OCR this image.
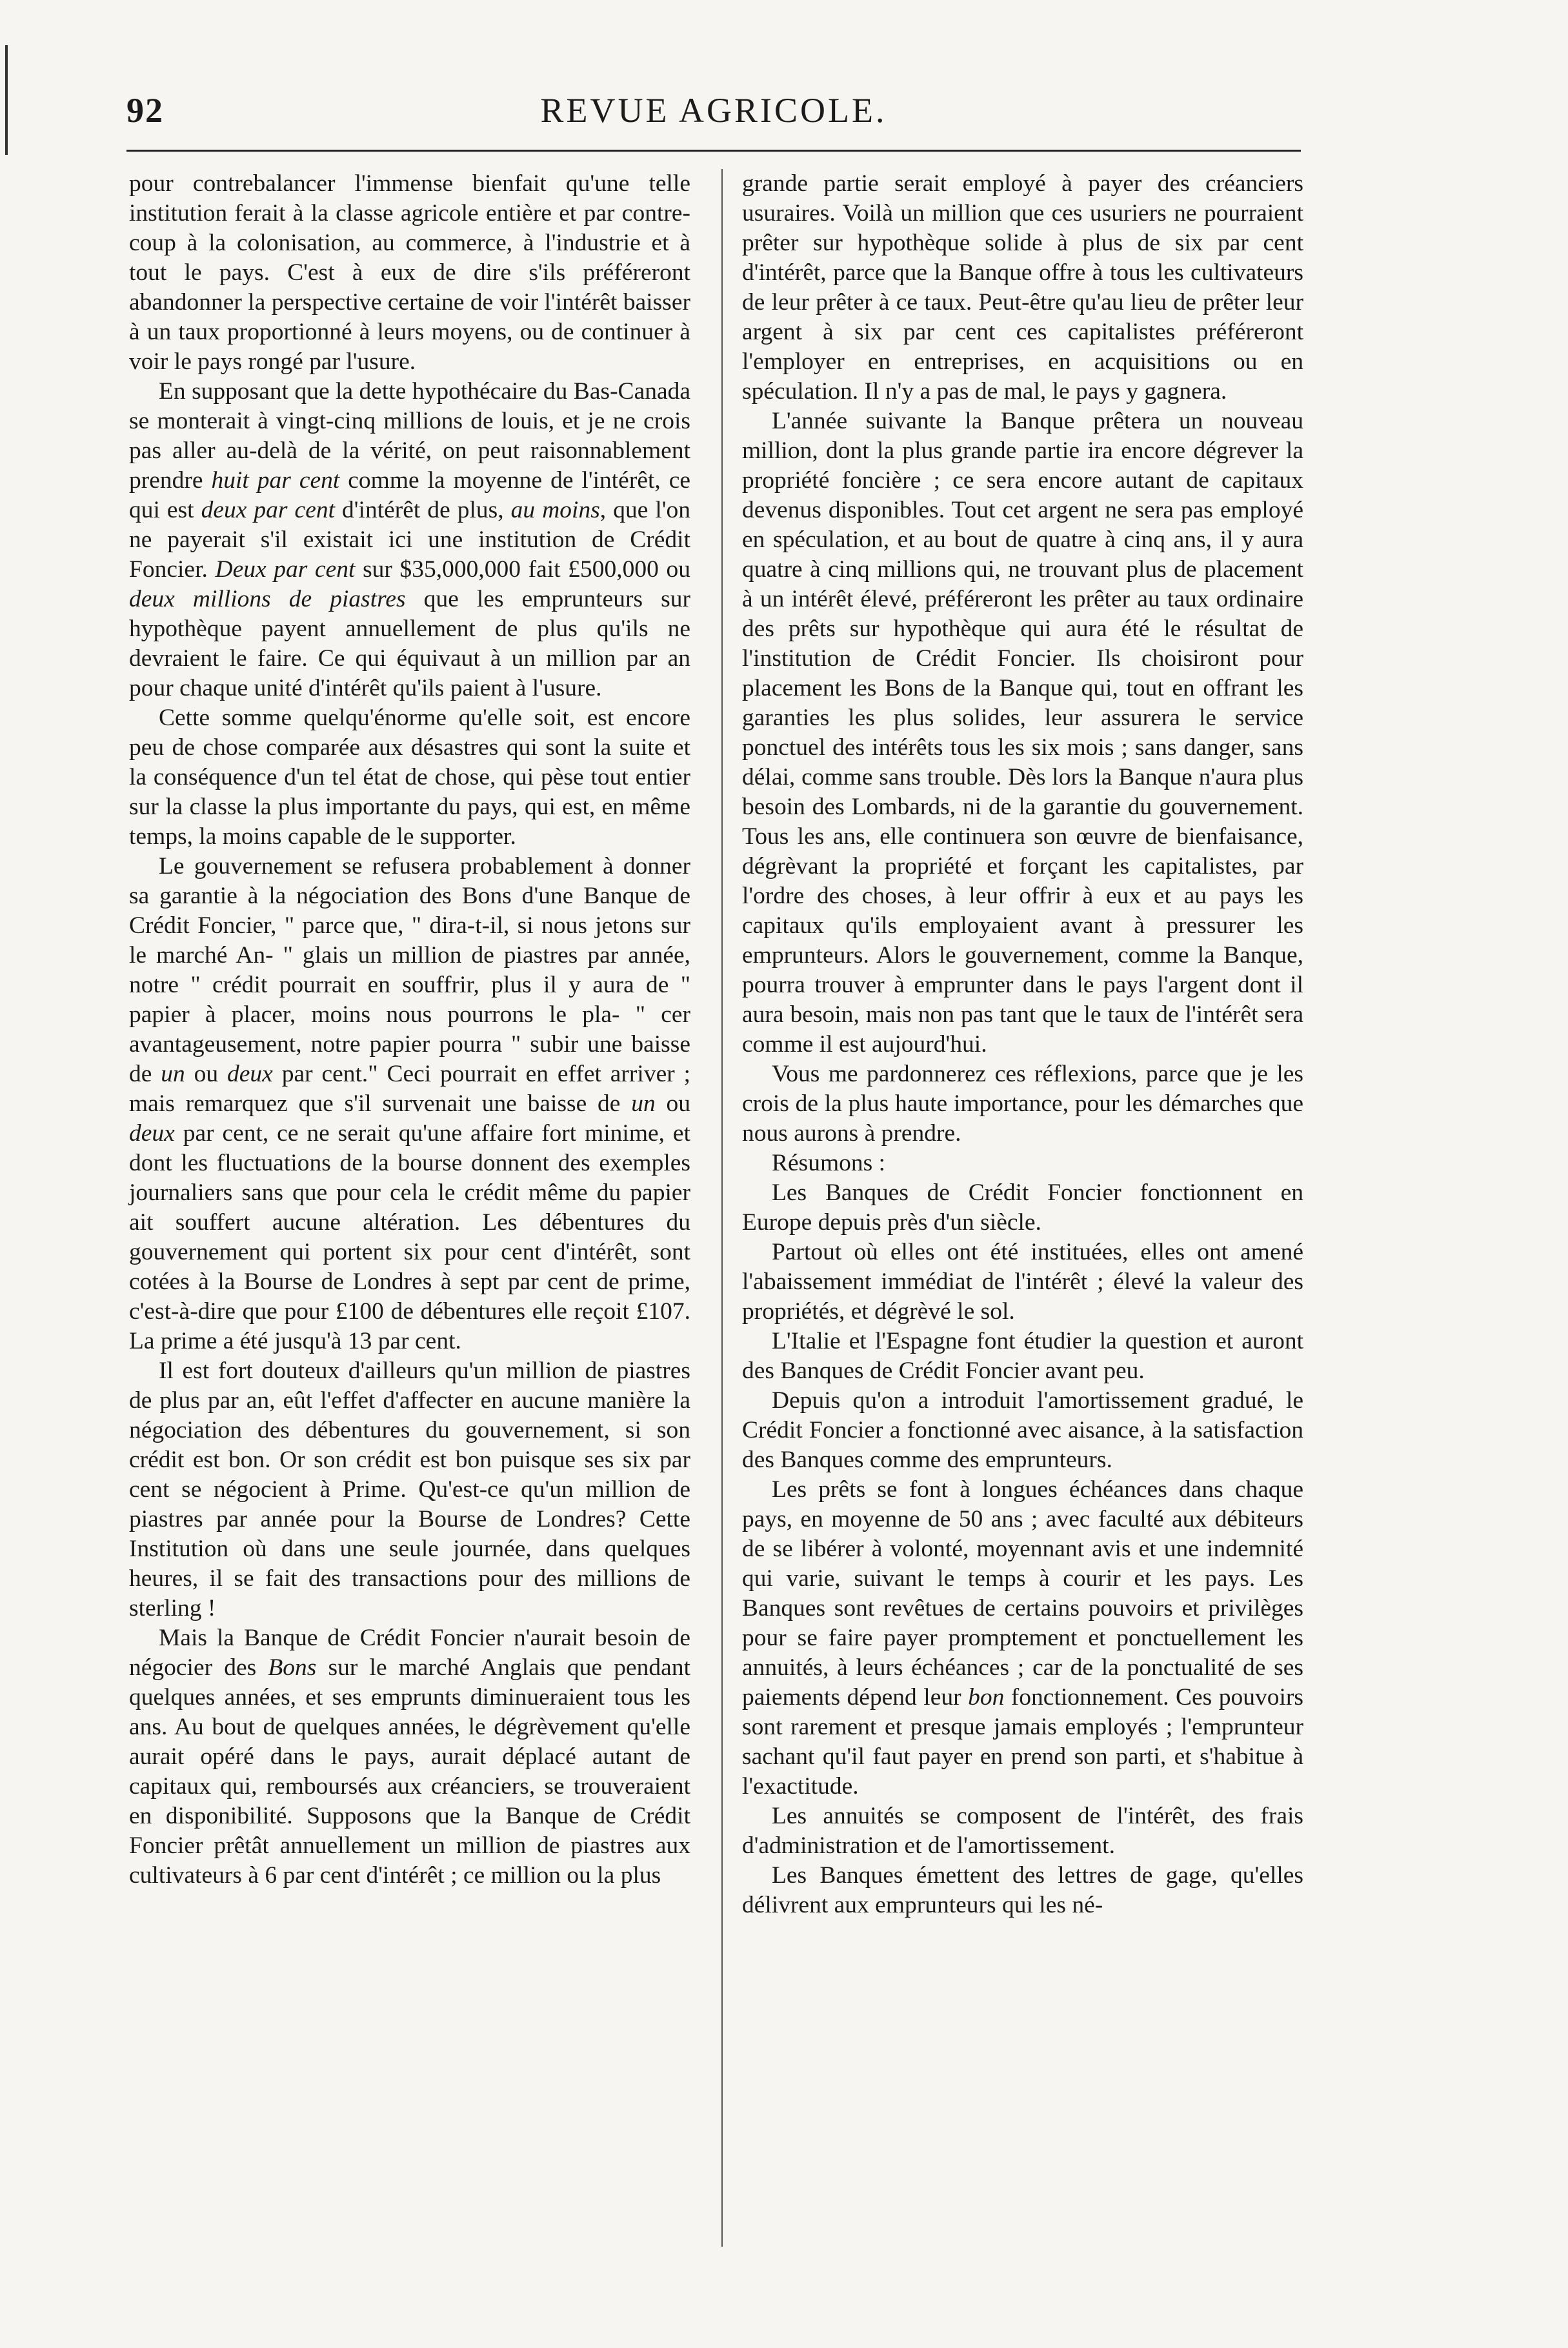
REVUE AGRICOLE.
92

pour contrebalancer l'immense bienfait qu'une telle institution ferait à la classe agricole entière et par contre-coup à la colonisation, au commerce, à l'industrie et à tout le pays. C'est à eux de dire s'ils préféreront abandonner la perspective certaine de voir l'intérêt baisser à un taux proportionné à leurs moyens, ou de continuer à voir le pays rongé par l'usure.

En supposant que la dette hypothécaire du Bas-Canada se monterait à vingt-cinq millions de louis, et je ne crois pas aller au-delà de la vérité, on peut raisonnablement prendre huit par cent comme la moyenne de l'intérêt, ce qui est deux par cent d'intérêt de plus, au moins, que l'on ne payerait s'il existait ici une institution de Crédit Foncier. Deux par cent sur $35,000,000 fait £500,000 ou deux millions de piastres que les emprunteurs sur hypothèque payent annuellement de plus qu'ils ne devraient le faire. Ce qui équivaut à un million par an pour chaque unité d'intérêt qu'ils paient à l'usure.

Cette somme quelqu'énorme qu'elle soit, est encore peu de chose comparée aux désastres qui sont la suite et la conséquence d'un tel état de chose, qui pèse tout entier sur la classe la plus importante du pays, qui est, en même temps, la moins capable de le supporter.

Le gouvernement se refusera probablement à donner sa garantie à la négociation des Bons d'une Banque de Crédit Foncier, " parce que, " dira-t-il, si nous jetons sur le marché An- " glais un million de piastres par année, notre " crédit pourrait en souffrir, plus il y aura de " papier à placer, moins nous pourrons le pla- " cer avantageusement, notre papier pourra " subir une baisse de un ou deux par cent." Ceci pourrait en effet arriver ; mais remarquez que s'il survenait une baisse de un ou deux par cent, ce ne serait qu'une affaire fort minime, et dont les fluctuations de la bourse donnent des exemples journaliers sans que pour cela le crédit même du papier ait souffert aucune altération. Les débentures du gouvernement qui portent six pour cent d'intérêt, sont cotées à la Bourse de Londres à sept par cent de prime, c'est-à-dire que pour £100 de débentures elle reçoit £107. La prime a été jusqu'à 13 par cent.

Il est fort douteux d'ailleurs qu'un million de piastres de plus par an, eût l'effet d'affecter en aucune manière la négociation des débentures du gouvernement, si son crédit est bon. Or son crédit est bon puisque ses six par cent se négocient à Prime. Qu'est-ce qu'un million de piastres par année pour la Bourse de Londres? Cette Institution où dans une seule journée, dans quelques heures, il se fait des transactions pour des millions de sterling !

Mais la Banque de Crédit Foncier n'aurait besoin de négocier des Bons sur le marché Anglais que pendant quelques années, et ses emprunts diminueraient tous les ans. Au bout de quelques années, le dégrèvement qu'elle aurait opéré dans le pays, aurait déplacé autant de capitaux qui, remboursés aux créanciers, se trouveraient en disponibilité. Supposons que la Banque de Crédit Foncier prêtât annuellement un million de piastres aux cultivateurs à 6 par cent d'intérêt ; ce million ou la plus

grande partie serait employé à payer des créanciers usuraires. Voilà un million que ces usuriers ne pourraient prêter sur hypothèque solide à plus de six par cent d'intérêt, parce que la Banque offre à tous les cultivateurs de leur prêter à ce taux. Peut-être qu'au lieu de prêter leur argent à six par cent ces capitalistes préféreront l'employer en entreprises, en acquisitions ou en spéculation. Il n'y a pas de mal, le pays y gagnera.

L'année suivante la Banque prêtera un nouveau million, dont la plus grande partie ira encore dégrever la propriété foncière ; ce sera encore autant de capitaux devenus disponibles. Tout cet argent ne sera pas employé en spéculation, et au bout de quatre à cinq ans, il y aura quatre à cinq millions qui, ne trouvant plus de placement à un intérêt élevé, préféreront les prêter au taux ordinaire des prêts sur hypothèque qui aura été le résultat de l'institution de Crédit Foncier. Ils choisiront pour placement les Bons de la Banque qui, tout en offrant les garanties les plus solides, leur assurera le service ponctuel des intérêts tous les six mois ; sans danger, sans délai, comme sans trouble. Dès lors la Banque n'aura plus besoin des Lombards, ni de la garantie du gouvernement. Tous les ans, elle continuera son œuvre de bienfaisance, dégrèvant la propriété et forçant les capitalistes, par l'ordre des choses, à leur offrir à eux et au pays les capitaux qu'ils employaient avant à pressurer les emprunteurs. Alors le gouvernement, comme la Banque, pourra trouver à emprunter dans le pays l'argent dont il aura besoin, mais non pas tant que le taux de l'intérêt sera comme il est aujourd'hui.

Vous me pardonnerez ces réflexions, parce que je les crois de la plus haute importance, pour les démarches que nous aurons à prendre.

Résumons :

Les Banques de Crédit Foncier fonctionnent en Europe depuis près d'un siècle.

Partout où elles ont été instituées, elles ont amené l'abaissement immédiat de l'intérêt ; élevé la valeur des propriétés, et dégrèvé le sol.

L'Italie et l'Espagne font étudier la question et auront des Banques de Crédit Foncier avant peu.

Depuis qu'on a introduit l'amortissement gradué, le Crédit Foncier a fonctionné avec aisance, à la satisfaction des Banques comme des emprunteurs.

Les prêts se font à longues échéances dans chaque pays, en moyenne de 50 ans ; avec faculté aux débiteurs de se libérer à volonté, moyennant avis et une indemnité qui varie, suivant le temps à courir et les pays. Les Banques sont revêtues de certains pouvoirs et privilèges pour se faire payer promptement et ponctuellement les annuités, à leurs échéances ; car de la ponctualité de ses paiements dépend leur bon fonctionnement. Ces pouvoirs sont rarement et presque jamais employés ; l'emprunteur sachant qu'il faut payer en prend son parti, et s'habitue à l'exactitude.

Les annuités se composent de l'intérêt, des frais d'administration et de l'amortissement.

Les Banques émettent des lettres de gage, qu'elles délivrent aux emprunteurs qui les né-
